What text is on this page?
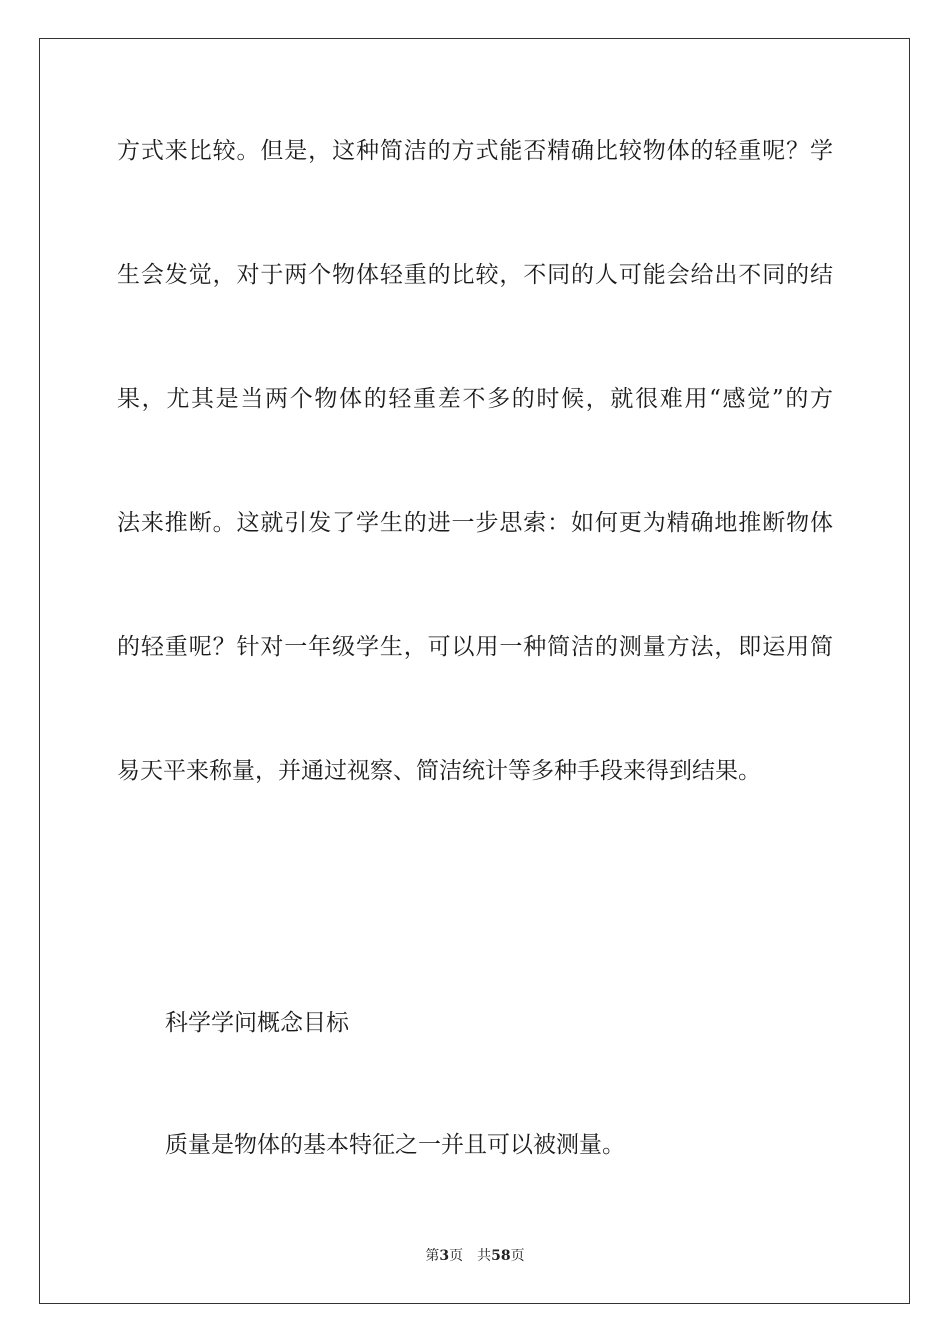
方式来比较。但是，这种简洁的方式能否精确比较物体的轻重呢？学
生会发觉，对于两个物体轻重的比较，不同的人可能会给出不同的结
果，尤其是当两个物体的轻重差不多的时候，就很难用“感觉”的方
法来推断。这就引发了学生的进一步思索：如何更为精确地推断物体
的轻重呢？针对一年级学生，可以用一种简洁的测量方法，即运用简
易天平来称量，并通过视察、简洁统计等多种手段来得到结果。
科学学问概念目标
质量是物体的基本特征之一并且可以被测量。
第3页 共58页
